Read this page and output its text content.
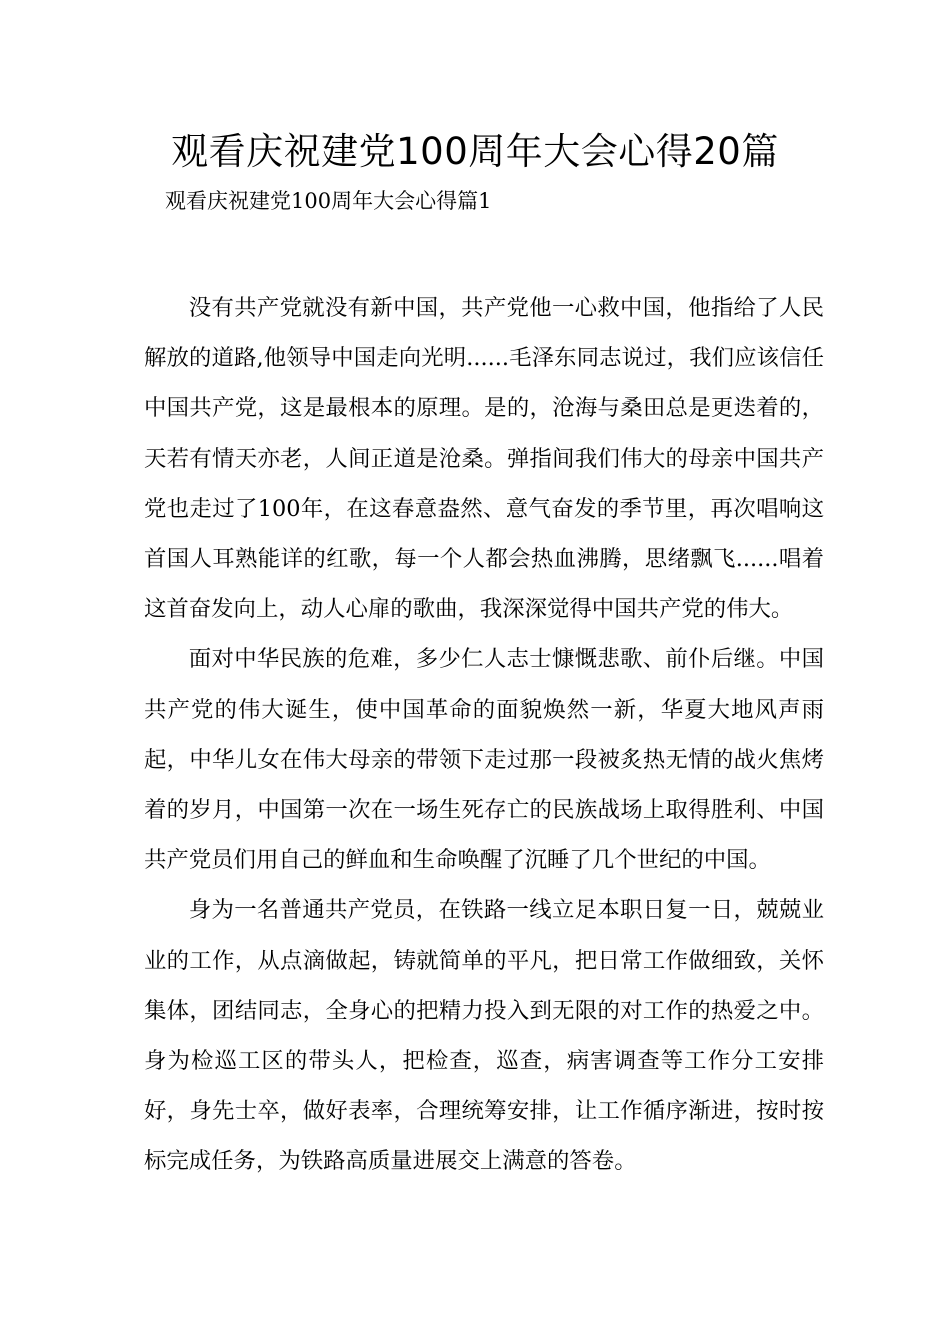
观看庆祝建党100周年大会心得20篇
观看庆祝建党100周年大会心得篇1

没有共产党就没有新中国，共产党他一心救中国，他指给了人民解放的道路,他领导中国走向光明......毛泽东同志说过，我们应该信任中国共产党，这是最根本的原理。是的，沧海与桑田总是更迭着的，天若有情天亦老，人间正道是沧桑。弹指间我们伟大的母亲中国共产党也走过了100年，在这春意盎然、意气奋发的季节里，再次唱响这首国人耳熟能详的红歌，每一个人都会热血沸腾，思绪飘飞......唱着这首奋发向上，动人心扉的歌曲，我深深觉得中国共产党的伟大。

面对中华民族的危难，多少仁人志士慷慨悲歌、前仆后继。中国共产党的伟大诞生，使中国革命的面貌焕然一新，华夏大地风声雨起，中华儿女在伟大母亲的带领下走过那一段被炙热无情的战火焦烤着的岁月，中国第一次在一场生死存亡的民族战场上取得胜利、中国共产党员们用自己的鲜血和生命唤醒了沉睡了几个世纪的中国。

身为一名普通共产党员，在铁路一线立足本职日复一日，兢兢业业的工作，从点滴做起，铸就简单的平凡，把日常工作做细致，关怀集体，团结同志，全身心的把精力投入到无限的对工作的热爱之中。身为检巡工区的带头人，把检查，巡查，病害调查等工作分工安排好，身先士卒，做好表率，合理统筹安排，让工作循序渐进，按时按标完成任务，为铁路高质量进展交上满意的答卷。
